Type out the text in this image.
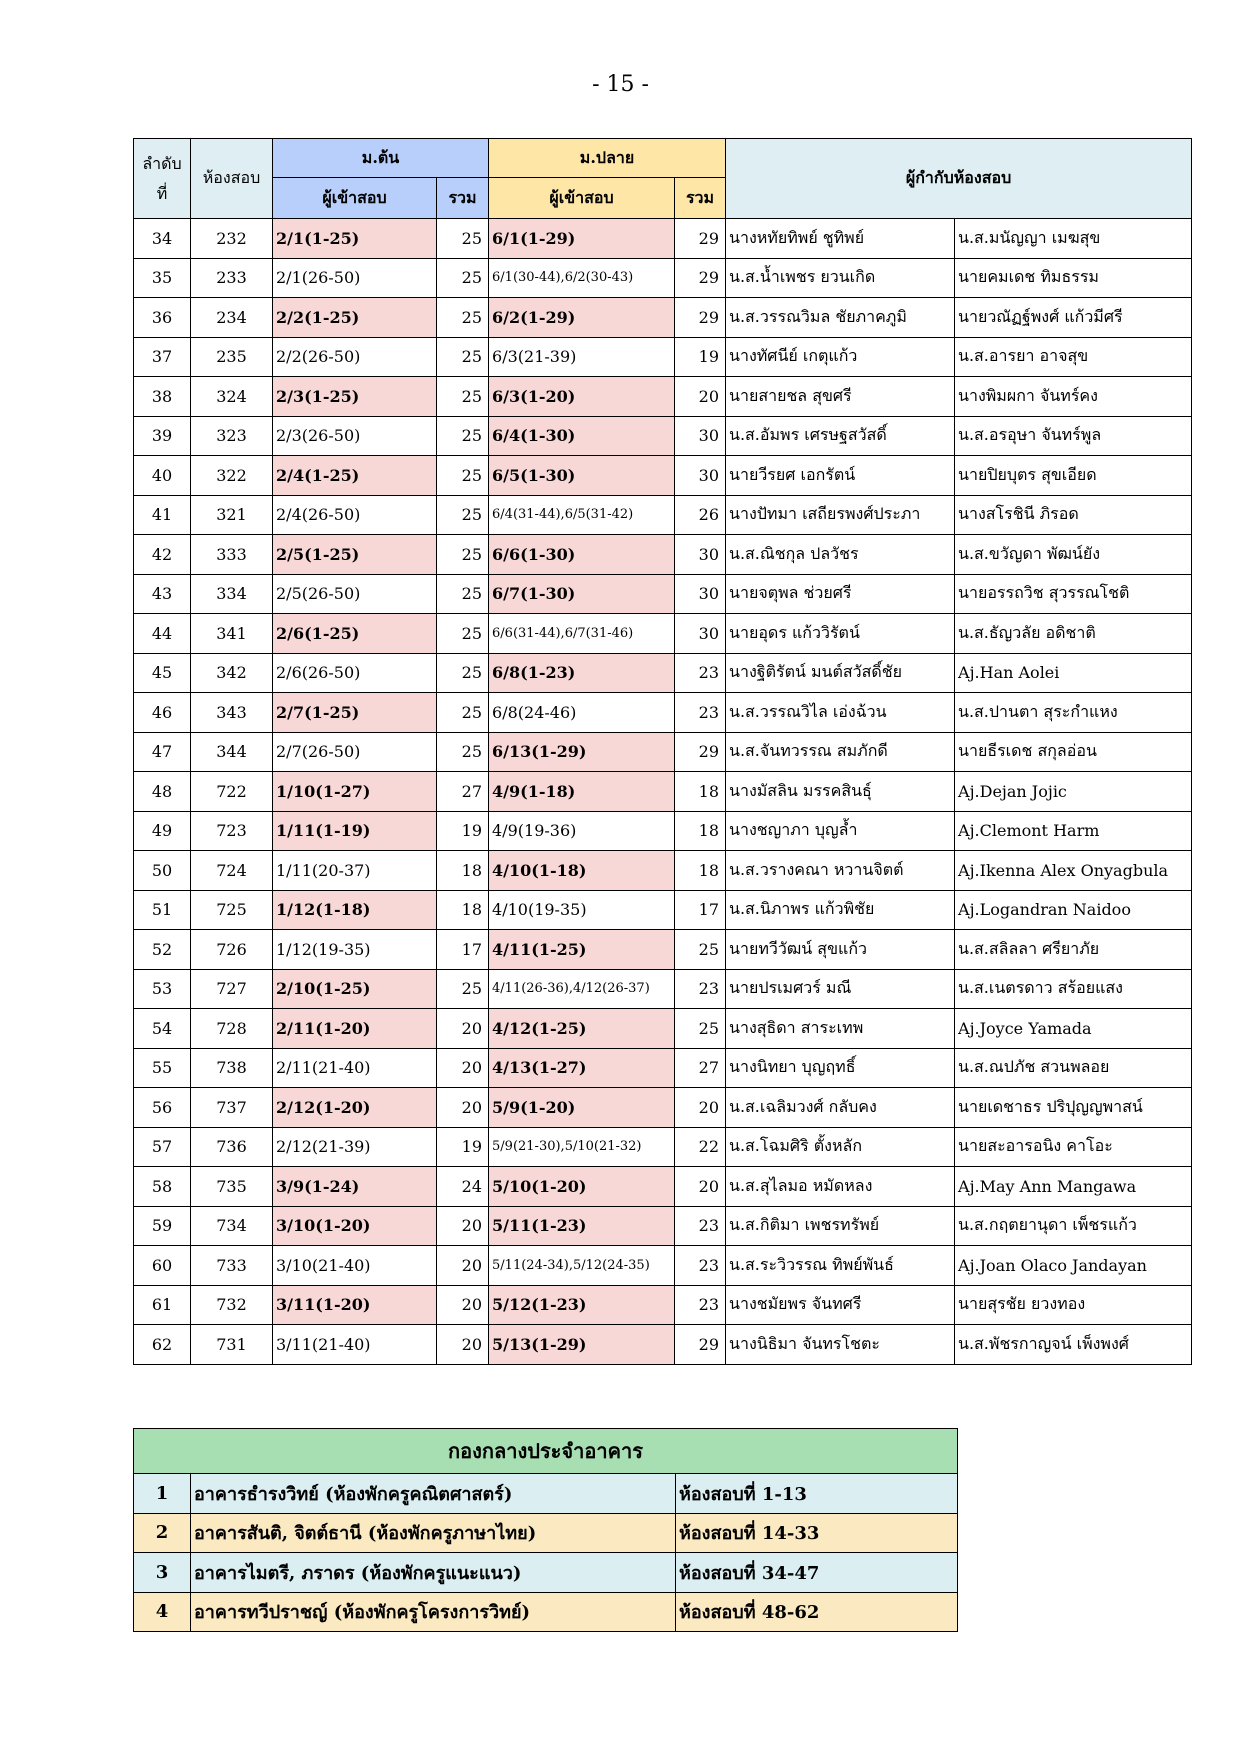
- 15 -
ลำดับ
ที่	ห้องสอบ	ม.ต้น		ม.ปลาย		ผู้กำกับห้องสอบ	
		ผู้เข้าสอบ	รวม	ผู้เข้าสอบ	รวม		
34	232	2/1(1-25)	25	6/1(1-29)	29	นางหทัยทิพย์ ชูทิพย์	น.ส.มนัญญา เมฆสุข
35	233	2/1(26-50)	25	6/1(30-44),6/2(30-43)	29	น.ส.น้ำเพชร ยวนเกิด	นายคมเดช ทิมธรรม
36	234	2/2(1-25)	25	6/2(1-29)	29	น.ส.วรรณวิมล ชัยภาคภูมิ	นายวณัฏฐ์พงศ์ แก้วมีศรี
37	235	2/2(26-50)	25	6/3(21-39)	19	นางทัศนีย์ เกตุแก้ว	น.ส.อารยา อาจสุข
38	324	2/3(1-25)	25	6/3(1-20)	20	นายสายชล สุขศรี	นางพิมผกา จันทร์คง
39	323	2/3(26-50)	25	6/4(1-30)	30	น.ส.อัมพร เศรษฐสวัสดิ์	น.ส.อรอุษา จันทร์พูล
40	322	2/4(1-25)	25	6/5(1-30)	30	นายวีรยศ เอกรัตน์	นายปิยบุตร สุขเอียด
41	321	2/4(26-50)	25	6/4(31-44),6/5(31-42)	26	นางปัทมา เสถียรพงศ์ประภา	นางสโรชินี ภิรอด
42	333	2/5(1-25)	25	6/6(1-30)	30	น.ส.ณิชกุล ปลวัชร	น.ส.ขวัญดา พัฒน์ยัง
43	334	2/5(26-50)	25	6/7(1-30)	30	นายจตุพล ช่วยศรี	นายอรรถวิช สุวรรณโชติ
44	341	2/6(1-25)	25	6/6(31-44),6/7(31-46)	30	นายอุดร แก้ววิรัตน์	น.ส.ธัญวลัย อดิชาติ
45	342	2/6(26-50)	25	6/8(1-23)	23	นางฐิติรัตน์ มนต์สวัสดิ์ชัย	Aj.Han Aolei
46	343	2/7(1-25)	25	6/8(24-46)	23	น.ส.วรรณวิไล เอ่งฉ้วน	น.ส.ปานตา สุระกำแหง
47	344	2/7(26-50)	25	6/13(1-29)	29	น.ส.จันทวรรณ สมภักดี	นายธีรเดช สกุลอ่อน
48	722	1/10(1-27)	27	4/9(1-18)	18	นางมัสลิน มรรคสินธุ์	Aj.Dejan Jojic
49	723	1/11(1-19)	19	4/9(19-36)	18	นางชญาภา บุญล้ำ	Aj.Clemont Harm
50	724	1/11(20-37)	18	4/10(1-18)	18	น.ส.วรางคณา หวานจิตต์	Aj.Ikenna Alex Onyagbula
51	725	1/12(1-18)	18	4/10(19-35)	17	น.ส.นิภาพร แก้วพิชัย	Aj.Logandran Naidoo
52	726	1/12(19-35)	17	4/11(1-25)	25	นายทวีวัฒน์ สุขแก้ว	น.ส.สลิลลา ศรียาภัย
53	727	2/10(1-25)	25	4/11(26-36),4/12(26-37)	23	นายปรเมศวร์ มณี	น.ส.เนตรดาว สร้อยแสง
54	728	2/11(1-20)	20	4/12(1-25)	25	นางสุธิดา สาระเทพ	Aj.Joyce Yamada
55	738	2/11(21-40)	20	4/13(1-27)	27	นางนิทยา บุญฤทธิ์	น.ส.ณปภัช สวนพลอย
56	737	2/12(1-20)	20	5/9(1-20)	20	น.ส.เฉลิมวงศ์ กลับคง	นายเดชาธร ปริปุญญพาสน์
57	736	2/12(21-39)	19	5/9(21-30),5/10(21-32)	22	น.ส.โฉมศิริ ตั้งหลัก	นายสะอารอนิง คาโอะ
58	735	3/9(1-24)	24	5/10(1-20)	20	น.ส.สุไลมอ หมัดหลง	Aj.May Ann Mangawa
59	734	3/10(1-20)	20	5/11(1-23)	23	น.ส.กิติมา เพชรทรัพย์	น.ส.กฤตยานุดา เพ็ชรแก้ว
60	733	3/10(21-40)	20	5/11(24-34),5/12(24-35)	23	น.ส.ระวิวรรณ ทิพย์พันธ์	Aj.Joan Olaco Jandayan
61	732	3/11(1-20)	20	5/12(1-23)	23	นางชมัยพร จันทศรี	นายสุรชัย ยวงทอง
62	731	3/11(21-40)	20	5/13(1-29)	29	นางนิธิมา จันทรโชตะ	น.ส.พัชรกาญจน์ เพ็งพงศ์
กองกลางประจำอาคาร		
1	อาคารธำรงวิทย์ (ห้องพักครูคณิตศาสตร์)	ห้องสอบที่ 1-13
2	อาคารสันติ, จิตต์ธานี (ห้องพักครูภาษาไทย)	ห้องสอบที่ 14-33
3	อาคารไมตรี, ภราดร (ห้องพักครูแนะแนว)	ห้องสอบที่ 34-47
4	อาคารทวีปราชญ์ (ห้องพักครูโครงการวิทย์)	ห้องสอบที่ 48-62
